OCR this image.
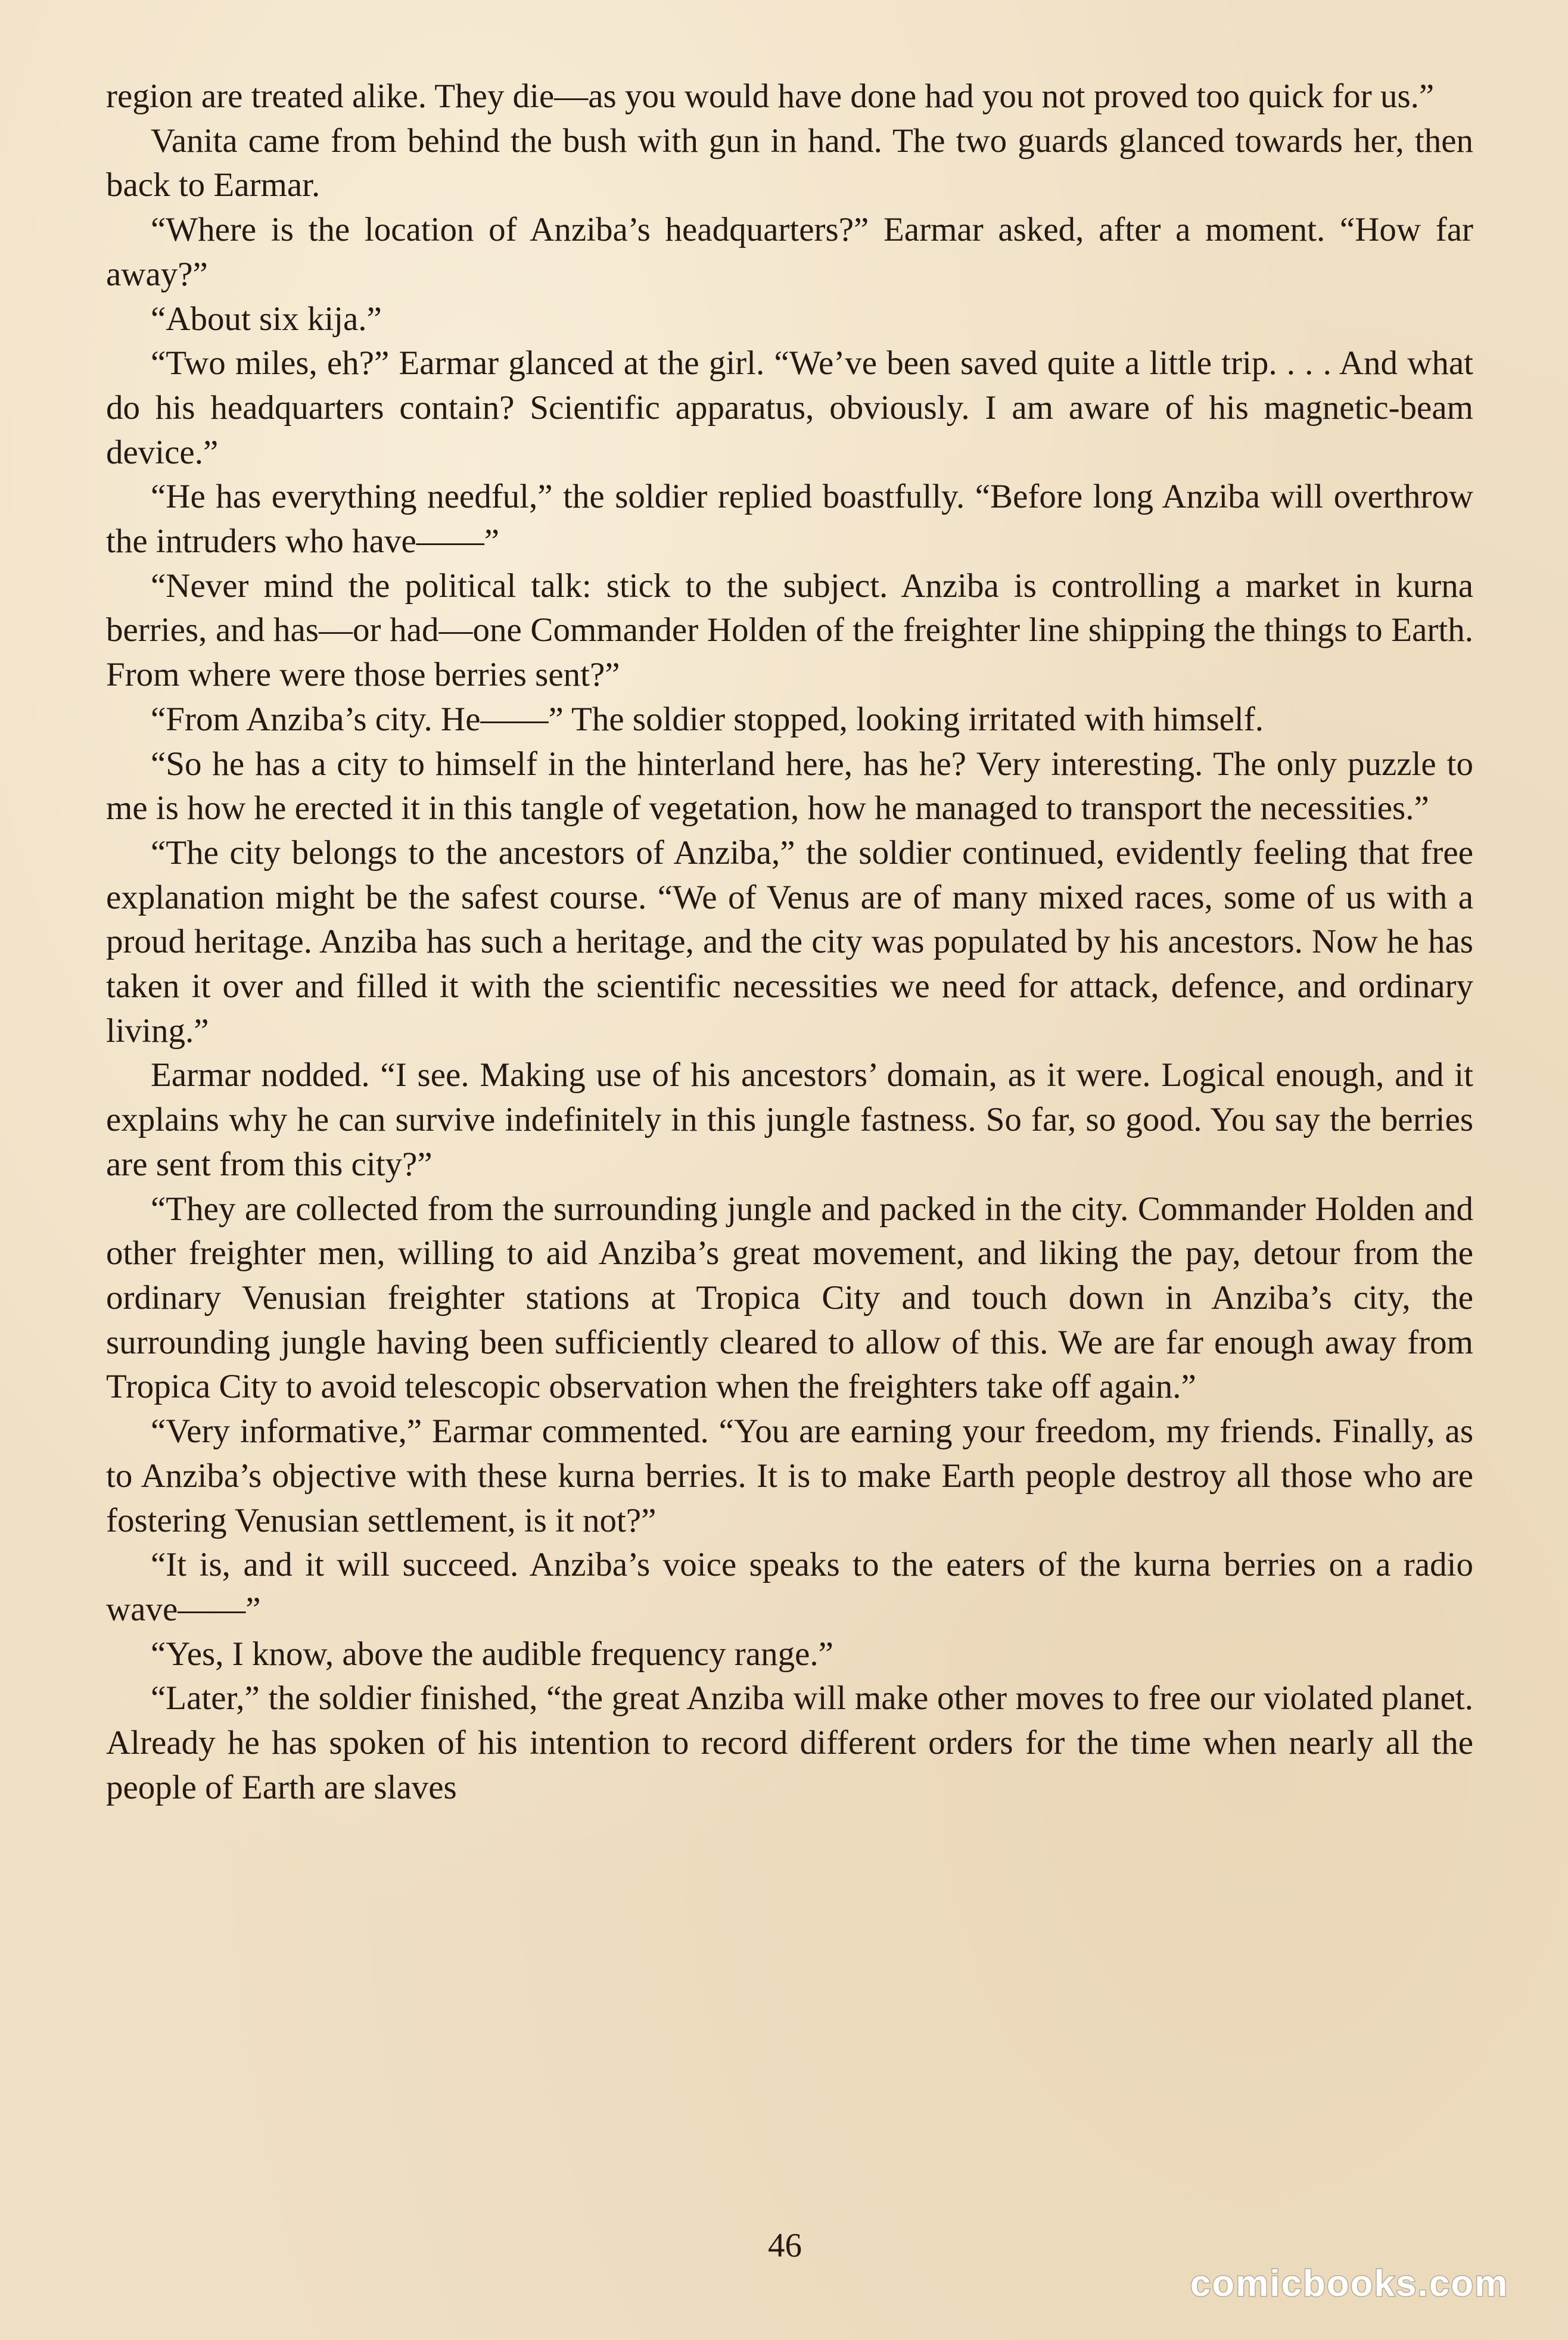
region are treated alike. They die—as you would have done had you not proved too quick for us.”

Vanita came from behind the bush with gun in hand. The two guards glanced towards her, then back to Earmar.

“Where is the location of Anziba’s headquarters?” Earmar asked, after a moment. “How far away?”

“About six kija.”

“Two miles, eh?” Earmar glanced at the girl. “We’ve been saved quite a little trip. . . . And what do his headquarters contain? Scientific apparatus, obviously. I am aware of his magnetic-beam device.”

“He has everything needful,” the soldier replied boastfully. “Before long Anziba will overthrow the intruders who have——”

“Never mind the political talk: stick to the subject. Anziba is controlling a market in kurna berries, and has—or had—one Commander Holden of the freighter line shipping the things to Earth. From where were those berries sent?”

“From Anziba’s city. He——” The soldier stopped, looking irritated with himself.

“So he has a city to himself in the hinterland here, has he? Very interesting. The only puzzle to me is how he erected it in this tangle of vegetation, how he managed to transport the necessities.”

“The city belongs to the ancestors of Anziba,” the soldier continued, evidently feeling that free explanation might be the safest course. “We of Venus are of many mixed races, some of us with a proud heritage. Anziba has such a heritage, and the city was populated by his ancestors. Now he has taken it over and filled it with the scientific necessities we need for attack, defence, and ordinary living.”

Earmar nodded. “I see. Making use of his ancestors’ domain, as it were. Logical enough, and it explains why he can survive indefinitely in this jungle fastness. So far, so good. You say the berries are sent from this city?”

“They are collected from the surrounding jungle and packed in the city. Commander Holden and other freighter men, willing to aid Anziba’s great movement, and liking the pay, detour from the ordinary Venusian freighter stations at Tropica City and touch down in Anziba’s city, the surrounding jungle having been sufficiently cleared to allow of this. We are far enough away from Tropica City to avoid telescopic observation when the freighters take off again.”

“Very informative,” Earmar commented. “You are earning your freedom, my friends. Finally, as to Anziba’s objective with these kurna berries. It is to make Earth people destroy all those who are fostering Venusian settlement, is it not?”

“It is, and it will succeed. Anziba’s voice speaks to the eaters of the kurna berries on a radio wave——”

“Yes, I know, above the audible frequency range.”

“Later,” the soldier finished, “the great Anziba will make other moves to free our violated planet. Already he has spoken of his intention to record different orders for the time when nearly all the people of Earth are slaves

46
comicbooks.com
